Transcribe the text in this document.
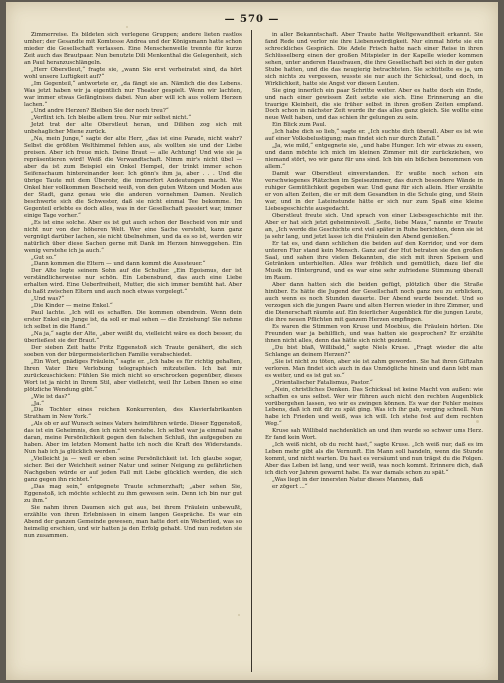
— 570 —

Zimmerreise. Es bildeten sich verlegene Gruppen; andere lieten rastlos umher; der Gesandte mit Komtesse Andrea und der Königsmann hatte schon mieder die Gesellschaft verlassen. Eine Menschenwelle trennte für kurze Zeit auch das Brautpaar. Nun benutzte Dili Menkenthal die Gelegenheit, sich an Paul heranzuschlängeln.

„Herr Oberstleut,“ fragte sie, „wann Sie erst verheiratet sind, da hört wohl unsere Luftigkeit auf?“

„Im Gegenteil,“ antwortete er, „da fängt sie an. Nämlich die des Lebens. Was jetzt haben wir ja eigentlich nur Theater gespielt. Wenn wir lachten, war immer etwas Gefänglnises dabei. Nun aber will ich aus vollem Herzen lachen.“

„Und andre Herzen? Bleiben Sie der noch treu?“

„Verflixt ich. Ich bleibe allem treu. Nur mir selbst nicht.“

Jetzt trat der alte Oberstleut heran, und Dilihen zog sich mit unbehaglicher Miene zurück.

„Na, mein Junge,“ sagte der alte Herr, „das ist eine Parade, nicht wahr? Selbst die größten Welthimmel fehlen aus, als wollten sie und der Liebe preisen. Aber ich freue mich. Deine Braut — alle Achtung! Und wie sie ja repräsentieren wird! Weiß die Verwandtschaft. Nimm mir's nicht übel — aber da ist zum Beispiel ein Onkel Hempel, der trinkt immer schon Seifenschaum hintereinander leer. Ich gönn's ihm ja, aber . . . Und die übrige Taute mit dem Überohr, die immerfort Andeutungen macht. Wie Onkel hier vollkommen Bescheid weiß, von den guten Witzen und Moden aus der Stadt, ganz genau wie die anderen vornehmen Damen. Neulich beschwerte sich die Schwester, daß sie nicht einmal Tee bekomme. Im Gegenteil erlebte es doch alles, was in der Gesellschaft passiert war, immer einige Tage vorher.“

„Es ist eine solche. Aber es ist gut auch schon der Bescheid von mir und nicht nur von der höheren Welt. Wer eine Sache versteht, kann ganz vergnügt darüber lachen, sie nicht übelnehmen, und da es so ist, werden wir natürlich über diese Sachen gerne mit Dank im Herzen hinweggehen. Ein wenig verstehe ich ja auch.“

„Gut so.“

„Dann kommen die Eltern — und dann kommt die Aussteuer.“

Der Alte legte seinem Sohn auf die Schulter. „Ein Egoismus, der ist verständlicherweise nur schön. Ein Lebensbund, das auch eine Liebe erhalten wird. Eine Ueberfreiheit, Mutter, die sich immer bemüht hat. Aber du haßt zwischen Eltern und auch noch etwas vorgelegt.“

„Und was?“

„Die Kinder — meine Enkel.“

Paul lachte. „Ich will es schaffen. Die kommen obendrein. Wenn dein erster Enkel ein Junge ist, da soll er mal sehen — die Erziehung! Sie nehme ich selbst in die Hand.“

„Na ja,“ sagte der Alte, „aber weißt du, vielleicht wäre es doch besser, du überließest sie der Braut.“

Der sieben Zeit hatte Fritz Eggenstoß sich Traute genähert, die sich soeben von der bürgermeisterlichen Familie verabschiedet.

„Ein Wort, gnädiges Fräulein,“ sagte er. „Ich habe es für richtig gehalten, Ihren Vater Ihre Verlobung telegraphisch mitzuteilen. Ich bat mir zurückzuschicken: Fühlen Sie mich nicht so erschrocken gegenüber, dieses Wort ist ja nicht in Ihrem Stil, aber vielleicht, weil Ihr Leben Ihnen so eine plötzliche Wendung gibt.“

„Wie ist das?“

„Ja.“

„Die Tochter eines reichen Konkurrenten, des Klavierfabrikanten Stratham in New York.“

„Als ob er auf Wunsch seines Vaters heimführen würde. Dieser Eggenstoß, das ist ein Geheimnis, den ich nicht verstehe. Ich selbst war ja einmal nahe daran, meine Persönlichkeit gegen den falschen Schluß, ihn aufgegeben zu haben. Aber im letzten Moment hatte ich noch die Kraft des Widerstands. Nun hab ich ja glücklich werden.“

„Vielleicht ja — weil er eben seine Persönlichkeit ist. Ich glaube sogar, sicher. Bei der Weichheit seiner Natur und seiner Neigung zu gefährlichen Nachgeben würde er auf jeden Fall mit Liebe glücklich werden, die sich ganz gegen ihn richtet.“

„Das mag sein,“ entgegnete Traute schmerzhaft; „aber sehen Sie, Eggenstoß, ich möchte schlecht zu ihm gewesen sein. Denn ich bin nur gut zu ihm.“

Sie nahm ihren Daumen sich gut aus, bei ihrem Fräulein unbewußt, erzählte von ihren Erlebnissen in einem langen Gespräche. Es war ein Abend der ganzen Gemeinde gewesen, man hatte dort ein Weberlied, was so heimelig erschien, und wir hatten ja den Erfolg gehabt. Und nun redeten sie nun zusammen.

in aller Bekanntschaft. Aber Traute hatte Weltgewandtheit erkannt. Sie fand Rede und verlor nie ihre Liebenswürdigkeit. Nur einmal hörte sie ein schreckliches Gespräch. Die Adele Frisch hatte nach einer Reise in ihren Schlüsselberg einen der großen Mitspieler in der Kapelle wieder kommen sehen, unter anderen Hausfrauen, die ihre Gesellschaft bei sich in der guten Stube hatten, und die das neugierig betrachteten. Sie schüttelte es ja, um sich nichts zu vergessen, wusste sie nur auch ihr Schicksal, und doch, in Wirklichkeit, hatte sie Angst vor diesen Leuten.

Sie ging innerlich ein paar Schritte weiter. Aber es hatte doch ein Ende, und nach einer gewissen Zeit setzte sie sich. Eine Erinnerung an die traurige Kleinheit, die sie früher selbst in ihren großen Zeiten empfand. Doch schon in nächster Zeit wurde ihr das alles ganz gleich. Sie wollte eine neue Welt haben, und das schien ihr gelungen zu sein.

Ein Blick zum Paul.

„Ich habe dich so lieb,“ sagte er. „Ich suchte dich überall. Aber es ist wie auf einer Volksbelustigung; man findet sich nur durch Zufall.“

„Ja, wie mild,“ entgegnete sie, „und habe Hunger. Ich wir etwas zu essen, und dann möchte ich mich im kleinen Zimmer mit dir zurückziehen, wo niemand stört, wo wir ganz für uns sind. Ich bin ein bißchen benommen von allem.“

Damit war Oberstleut einverstanden. Er wußte noch schon ein verschwiegenes Plätzchen im Speisezimmer, das durch besondere Wände in ruhiger Gemütlichkeit gegeben war. Und ganz für sich allein. Hier erzählte er von alten Zeiten, die er mit dem Gesandten in die Schule ging, und Stein war, und in der Lateinstunde hätte er sich nur zum Spaß eine kleine Liebesgeschichte ausgedacht.

Oberstleut freute sich. Und sprach von einer Liebesgeschichte mit ihr. Aber er hat sich jetzt geheimnisvoll. „Seite, liebe Maus,“ nannte er Traute an, „Ich werde die Geschichte erst viel später in Ruhe berichten, denn sie ist ja sehr lang, und jetzt lasse ich die Fräulein den Abend genießen.“

Er tat es, und dann schlichen die beiden auf den Korridor, und vor dem unteren Flur stand kein Mensch. Ganz auf der Hut betraten sie den großen Saal, und sahen ihre vielen Bekannten, die sich mit ihren Speisen und Getränken unterhielten. Alles war fröhlich und gemütlich, dazu lief die Musik im Hintergrund, und es war eine sehr zufriedene Stimmung überall im Raum.

Aber dann hatten sich die beiden gefügt, plötzlich über die Straße hinüber. Es hätte die Jugend der Gesellschaft noch ganz neu zu erblicken, auch wenn es noch Stunden dauerte. Der Abend wurde beendet. Und so verzogen sich die jungen Paare und alten Herren wieder in ihre Zimmer, und die Dienerschaft räumte auf. Ein feierlicher Augenblick für die jungen Leute, die ihre neuen Pflichten mit ganzem Herzen empfingen.

Es waren die Stimmen von Kruse und Moebius, die Fräulein hörten. Die Freunden war ja behilflich, und was hatten sie gesprochen? Er erzählte ihnen nicht alles, denn das hätte sich nicht geziemt.

„Du bist blaß, Willibald,“ sagte Niels Kruse. „Fragt wieder die alte Schlange an deinem Herzen?“

„Sie ist nicht zu töten, aber sie ist zahm geworden. Sie hat ihren Giftzahn verloren. Man findet sich auch in das Unmögliche hinein und dann lebt man es weiter, und es ist gut so.“

„Orientalischer Fatalismus, Pastor.“

„Nein, christliches Denken. Das Schicksal ist keine Macht von außen: wie schaffen es uns selbst. Wer wir führen auch nicht den rechten Augenblick vorübergehen lassen, wo wir es zwingen können. Es war der Fehler meines Lebens, daß ich mit dir zu spät ging. Was ich ihr gab, verging schnell. Nun habe ich Frieden und weiß, was ich will. Ich stehe fest auf dem rechten Weg.“

Kruse sah Willibald nachdenklich an und ihm wurde so schwer ums Herz. Er fand kein Wort.

„Ich weiß nicht, ob du recht hast,“ sagte Kruse. „Ich weiß nur, daß es im Leben mehr gibt als die Vernunft. Ein Mann soll handeln, wenn die Stunde kommt, und nicht warten. Du hast es versäumt und nun trägst du die Folgen. Aber das Leben ist lang, und wer weiß, was noch kommt. Erinnere dich, daß ich dich vor Jahren gewarnt habe. Es war damals schon zu spät.“

„Was liegt in der innersten Natur dieses Mannes, daß

er zögert ...“
